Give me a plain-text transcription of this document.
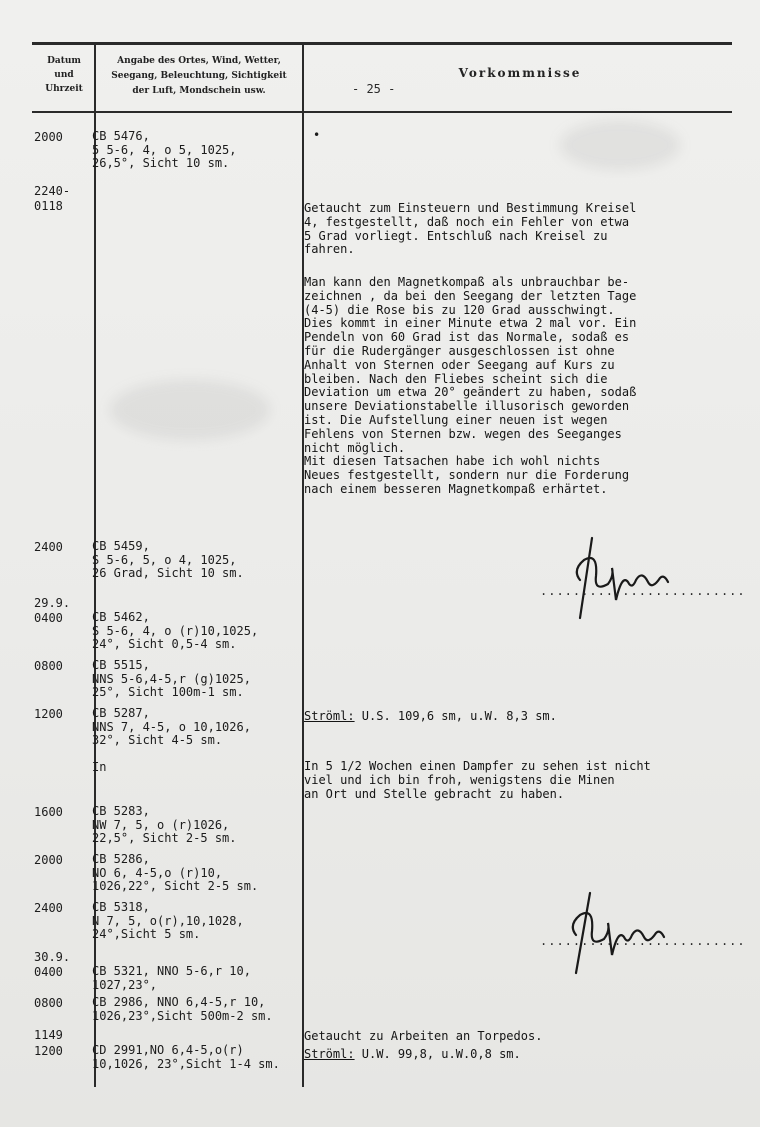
Datum
und
Uhrzeit
Angabe des Ortes, Wind, Wetter,
Seegang, Beleuchtung, Sichtigkeit
der Luft, Mondschein usw.
Vorkommnisse
- 25 -
2000
2240-
0118
2400
29.9.
0400
0800
1200
1600
2000
2400
30.9.
0400
0800
1149
1200
CB 5476,
5 5-6, 4, o 5, 1025,
26,5°, Sicht 10 sm.
CB 5459,
S 5-6, 5, o 4, 1025,
26 Grad, Sicht 10 sm.
CB 5462,
S 5-6, 4, o (r)10,1025,
24°, Sicht 0,5-4 sm.
CB 5515,
NNS 5-6,4-5,r (g)1025,
25°, Sicht 100m-1 sm.
CB 5287,
NNS 7, 4-5, o 10,1026,
32°, Sicht 4-5 sm.

In
CB 5283,
NW 7, 5, o (r)1026,
22,5°, Sicht 2-5 sm.
CB 5286,
NO 6, 4-5,o (r)10,
1026,22°, Sicht 2-5 sm.
CB 5318,
N 7, 5, o(r),10,1028,
24°,Sicht 5 sm.
CB 5321, NNO 5-6,r 10,
1027,23°,
CB 2986, NNO 6,4-5,r 10,
1026,23°,Sicht 500m-2 sm.
CD 2991,NO 6,4-5,o(r)
10,1026, 23°,Sicht 1-4 sm.
•

Getaucht zum Einsteuern und Bestimmung Kreisel

4, festgestellt, daß noch ein Fehler von etwa

5 Grad vorliegt. Entschluß nach Kreisel zu

fahren.

Man kann den Magnetkompaß als unbrauchbar be-

zeichnen , da bei den Seegang der letzten Tage

(4-5) die Rose bis zu 120 Grad ausschwingt.

Dies kommt in einer Minute etwa 2 mal vor. Ein

Pendeln von 60 Grad ist das Normale, sodaß es

für die Rudergänger ausgeschlossen ist ohne

Anhalt von Sternen oder Seegang auf Kurs zu

bleiben. Nach den Fliebes scheint sich die

Deviation um etwa 20° geändert zu haben, sodaß

unsere Deviationstabelle illusorisch geworden

ist. Die Aufstellung einer neuen ist wegen

Fehlens von Sternen bzw. wegen des Seeganges

nicht möglich.

Mit diesen Tatsachen habe ich wohl nichts

Neues festgestellt, sondern nur die Forderung

nach einem besseren Magnetkompaß erhärtet.

.........................

Ströml: U.S. 109,6 sm, u.W. 8,3 sm.

In 5 1/2 Wochen einen Dampfer zu sehen ist nicht

viel und ich bin froh, wenigstens die Minen

an Ort und Stelle gebracht zu haben.

.........................
Getaucht zu Arbeiten an Torpedos.

Ströml: U.W. 99,8, u.W.0,8 sm.
